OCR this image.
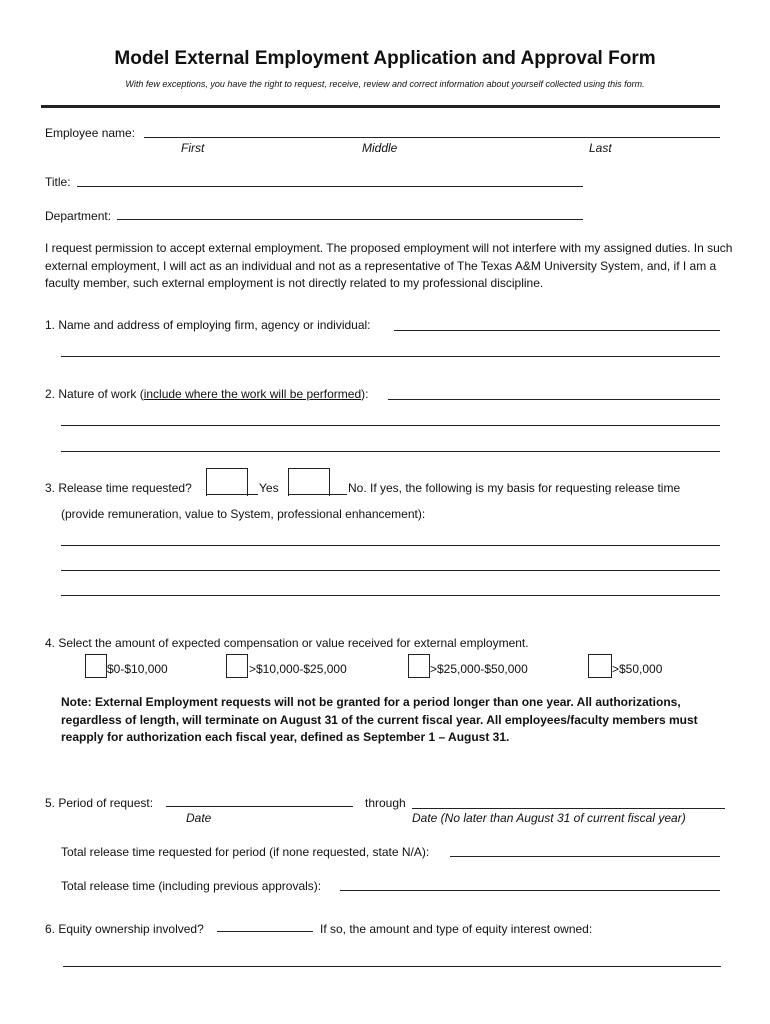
Model External Employment Application and Approval Form
With few exceptions, you have the right to request, receive, review and correct information about yourself collected using this form.
Employee name:
First	Middle	Last
Title:
Department:
I request permission to accept external employment. The proposed employment will not interfere with my assigned duties. In such external employment, I will act as an individual and not as a representative of The Texas A&M University System, and, if I am a faculty member, such external employment is not directly related to my professional discipline.
1. Name and address of employing firm, agency or individual:
2. Nature of work (include where the work will be performed):
3. Release time requested?	Yes	No. If yes, the following is my basis for requesting release time
(provide remuneration, value to System, professional enhancement):
4. Select the amount of expected compensation or value received for external employment.
$0-$10,000	>$10,000-$25,000	>$25,000-$50,000	>$50,000
Note: External Employment requests will not be granted for a period longer than one year. All authorizations, regardless of length, will terminate on August 31 of the current fiscal year. All employees/faculty members must reapply for authorization each fiscal year, defined as September 1 – August 31.
5. Period of request:	through
Date	Date (No later than August 31 of current fiscal year)
Total release time requested for period (if none requested, state N/A):
Total release time (including previous approvals):
6. Equity ownership involved?	If so, the amount and type of equity interest owned:
